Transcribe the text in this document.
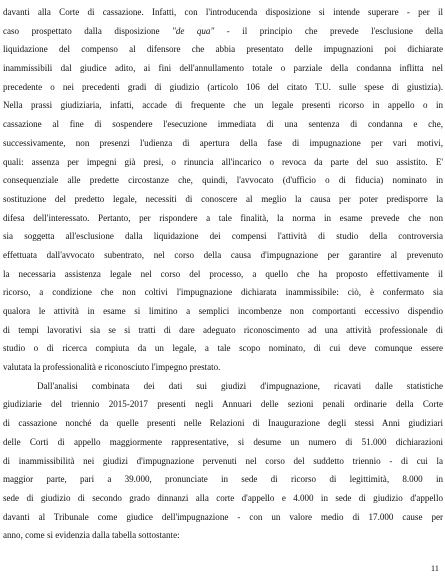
davanti alla Corte di cassazione. Infatti, con l'introducenda disposizione si intende superare - per il
caso prospettato dalla disposizione "de qua" - il principio che prevede l'esclusione della
liquidazione del compenso al difensore che abbia presentato delle impugnazioni poi dichiarate
inammissibili dal giudice adito, ai fini dell'annullamento totale o parziale della condanna inflitta nel
precedente o nei precedenti gradi di giudizio (articolo 106 del citato T.U. sulle spese di giustizia).
Nella prassi giudiziaria, infatti, accade di frequente che un legale presenti ricorso in appello o in
cassazione al fine di sospendere l'esecuzione immediata di una sentenza di condanna e che,
successivamente, non presenzi l'udienza di apertura della fase di impugnazione per vari motivi,
quali: assenza per impegni già presi, o rinuncia all'incarico o revoca da parte del suo assistito. E'
consequenziale alle predette circostanze che, quindi, l'avvocato (d'ufficio o di fiducia) nominato in
sostituzione del predetto legale, necessiti di conoscere al meglio la causa per poter predisporre la
difesa dell'interessato. Pertanto, per rispondere a tale finalità, la norma in esame prevede che non
sia soggetta all'esclusione dalla liquidazione dei compensi l'attività di studio della controversia
effettuata dall'avvocato subentrato, nel corso della causa d'impugnazione per garantire al prevenuto
la necessaria assistenza legale nel corso del processo, a quello che ha proposto effettivamente il
ricorso, a condizione che non coltivi l'impugnazione dichiarata inammissibile: ciò, è confermato sia
qualora le attività in esame si limitino a semplici incombenze non comportanti eccessivo dispendio
di tempi lavorativi sia se si tratti di dare adeguato riconoscimento ad una attività professionale di
studio o di ricerca compiuta da un legale, a tale scopo nominato, di cui deve comunque essere
valutata la professionalità e riconosciuto l'impegno prestato.
Dall'analisi combinata dei dati sui giudizi d'impugnazione, ricavati dalle statistiche
giudiziarie del triennio 2015-2017 presenti negli Annuari delle sezioni penali ordinarie della Corte
di cassazione nonché da quelle presenti nelle Relazioni di Inaugurazione degli stessi Anni giudiziari
delle Corti di appello maggiormente rappresentative, si desume un numero di 51.000 dichiarazioni
di inammissibilità nei giudizi d'impugnazione pervenuti nel corso del suddetto triennio - di cui la
maggior parte, pari a 39.000, pronunciate in sede di ricorso di legittimità, 8.000 in
sede di giudizio di secondo grado dinnanzi alla corte d'appello e 4.000 in sede di giudizio d'appello
davanti al Tribunale come giudice dell'impugnazione - con un valore medio di 17.000 cause per
anno, come si evidenzia dalla tabella sottostante:
11
